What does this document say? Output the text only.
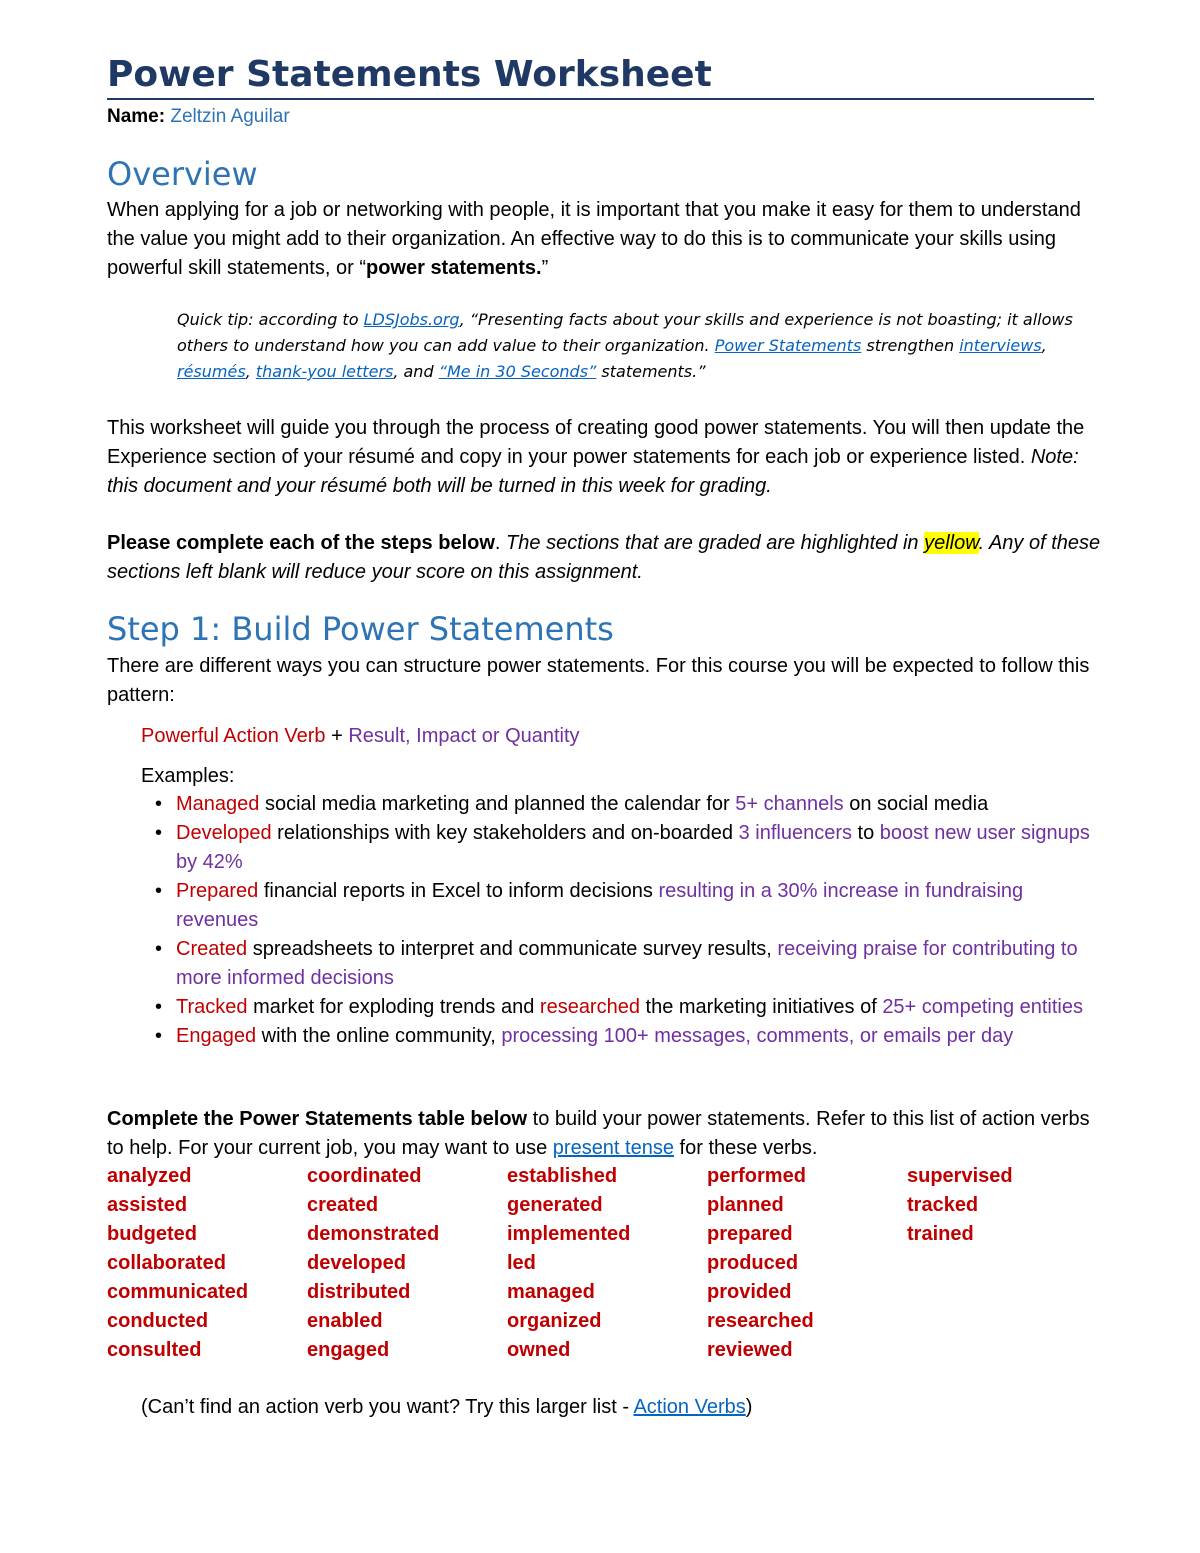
Power Statements Worksheet
Name: Zeltzin Aguilar
Overview
When applying for a job or networking with people, it is important that you make it easy for them to understand the value you might add to their organization. An effective way to do this is to communicate your skills using powerful skill statements, or “power statements.”
Quick tip: according to LDSJobs.org, “Presenting facts about your skills and experience is not boasting; it allows others to understand how you can add value to their organization. Power Statements strengthen interviews, résumés, thank-you letters, and “Me in 30 Seconds” statements.”
This worksheet will guide you through the process of creating good power statements. You will then update the Experience section of your résumé and copy in your power statements for each job or experience listed. Note: this document and your résumé both will be turned in this week for grading.
Please complete each of the steps below. The sections that are graded are highlighted in yellow. Any of these sections left blank will reduce your score on this assignment.
Step 1: Build Power Statements
There are different ways you can structure power statements. For this course you will be expected to follow this pattern:
Powerful Action Verb + Result, Impact or Quantity
Examples:
• Managed social media marketing and planned the calendar for 5+ channels on social media
• Developed relationships with key stakeholders and on-boarded 3 influencers to boost new user signups by 42%
• Prepared financial reports in Excel to inform decisions resulting in a 30% increase in fundraising revenues
• Created spreadsheets to interpret and communicate survey results, receiving praise for contributing to more informed decisions
• Tracked market for exploding trends and researched the marketing initiatives of 25+ competing entities
• Engaged with the online community, processing 100+ messages, comments, or emails per day
Complete the Power Statements table below to build your power statements. Refer to this list of action verbs to help. For your current job, you may want to use present tense for these verbs.
analyzed
assisted
budgeted
collaborated
communicated
conducted
consulted
coordinated
created
demonstrated
developed
distributed
enabled
engaged
established
generated
implemented
led
managed
organized
owned
performed
planned
prepared
produced
provided
researched
reviewed
supervised
tracked
trained
(Can’t find an action verb you want? Try this larger list - Action Verbs)
